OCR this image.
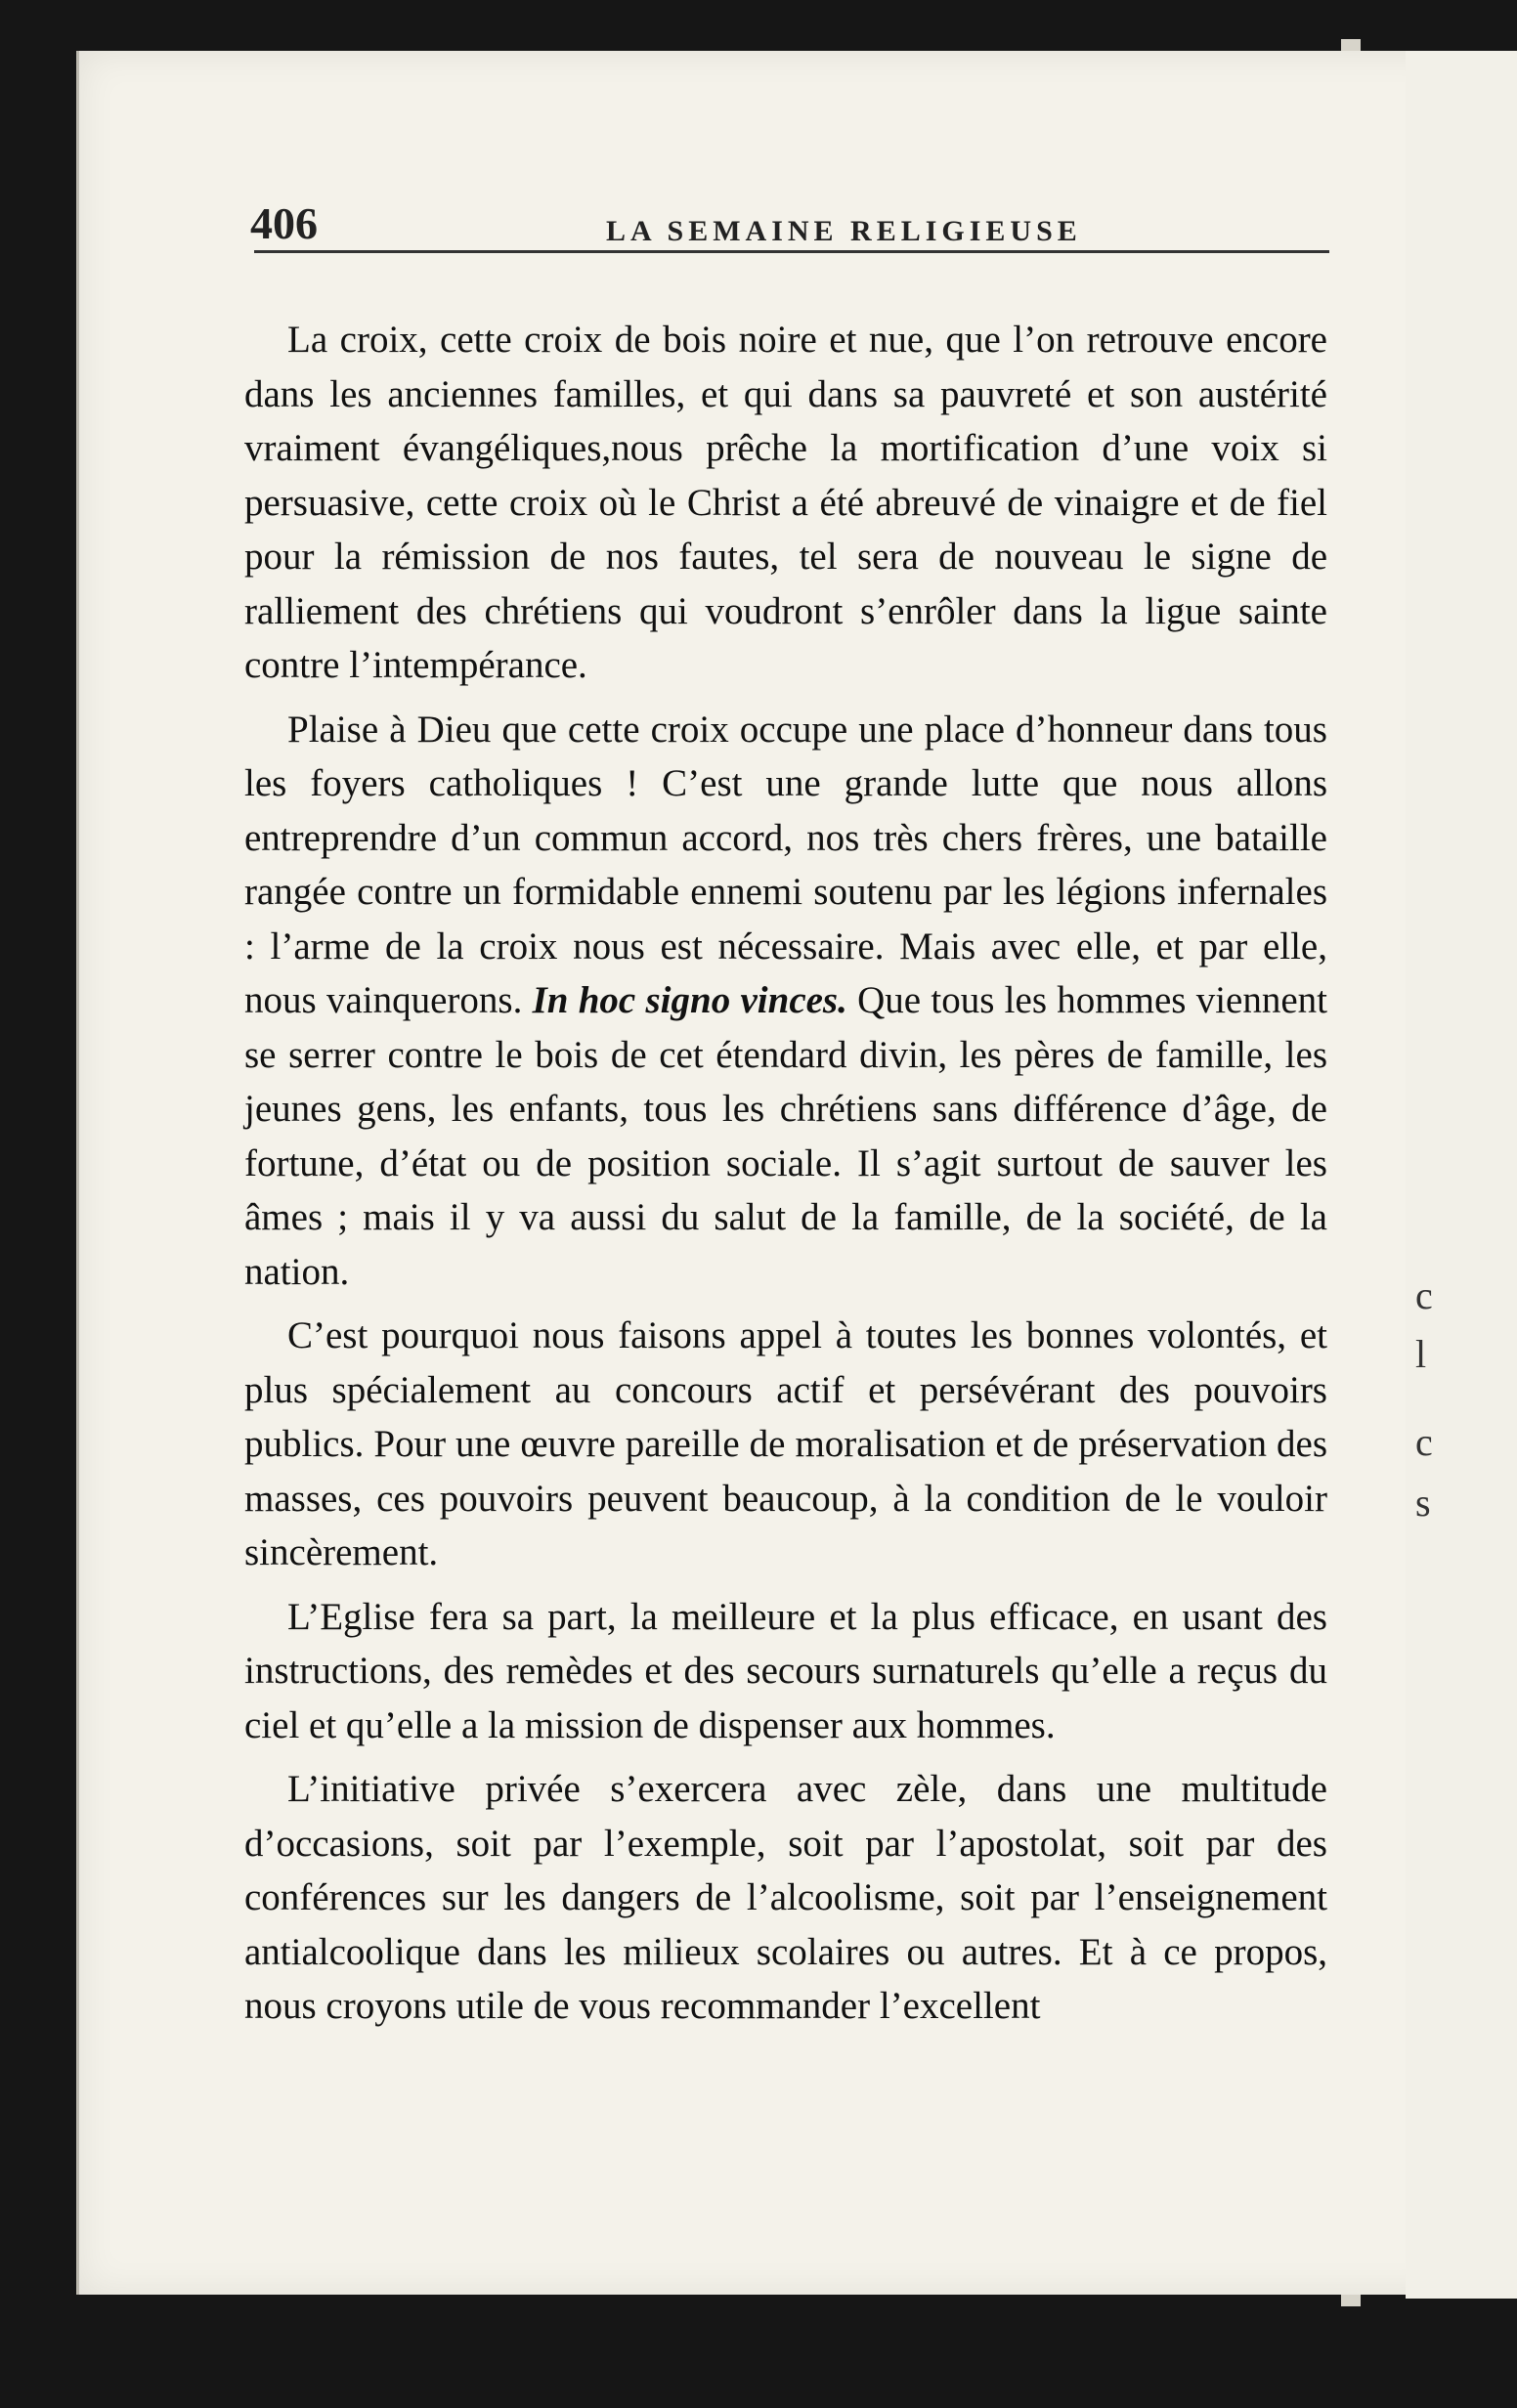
c
l
c
s
406	LA SEMAINE RELIGIEUSE

La croix, cette croix de bois noire et nue, que l’on retrouve encore dans les anciennes familles, et qui dans sa pauvreté et son austérité vraiment évangéliques,nous prêche la mortification d’une voix si persuasive, cette croix où le Christ a été abreuvé de vinaigre et de fiel pour la rémission de nos fautes, tel sera de nouveau le signe de ralliement des chrétiens qui voudront s’enrôler dans la ligue sainte contre l’intempérance.

Plaise à Dieu que cette croix occupe une place d’honneur dans tous les foyers catholiques ! C’est une grande lutte que nous allons entreprendre d’un commun accord, nos très chers frères, une bataille rangée contre un formidable ennemi soutenu par les légions infernales : l’arme de la croix nous est nécessaire. Mais avec elle, et par elle, nous vainquerons. In hoc signo vinces. Que tous les hommes viennent se serrer contre le bois de cet étendard divin, les pères de famille, les jeunes gens, les enfants, tous les chrétiens sans différence d’âge, de fortune, d’état ou de position sociale. Il s’agit surtout de sauver les âmes ; mais il y va aussi du salut de la famille, de la société, de la nation.

C’est pourquoi nous faisons appel à toutes les bonnes volontés, et plus spécialement au concours actif et persévérant des pouvoirs publics. Pour une œuvre pareille de moralisation et de préservation des masses, ces pouvoirs peuvent beaucoup, à la condition de le vouloir sincèrement.

L’Eglise fera sa part, la meilleure et la plus efficace, en usant des instructions, des remèdes et des secours surnaturels qu’elle a reçus du ciel et qu’elle a la mission de dispenser aux hommes.

L’initiative privée s’exercera avec zèle, dans une multitude d’occasions, soit par l’exemple, soit par l’apostolat, soit par des conférences sur les dangers de l’alcoolisme, soit par l’enseignement antialcoolique dans les milieux scolaires ou autres. Et à ce propos, nous croyons utile de vous recommander l’excellent
